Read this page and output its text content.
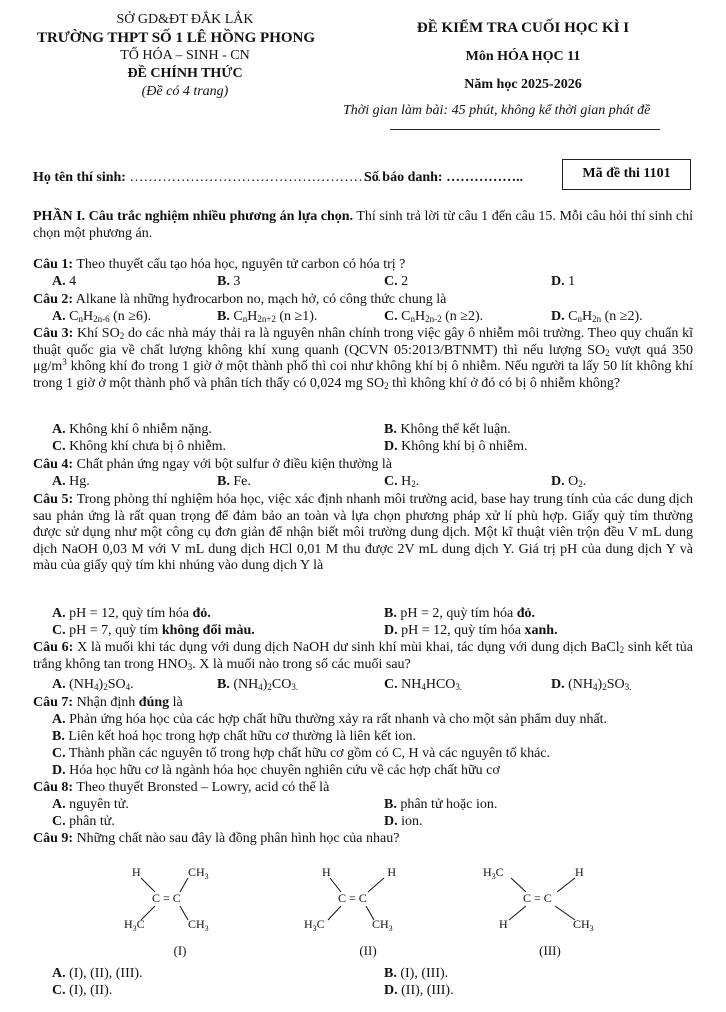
SỞ GD&ĐT ĐẮK LẮK
TRƯỜNG THPT SỐ 1 LÊ HỒNG PHONG
TỔ HÓA – SINH - CN
ĐỀ CHÍNH THỨC
(Đề có 4 trang)
ĐỀ KIỂM TRA CUỐI HỌC KÌ I
Môn HÓA HỌC 11
Năm học 2025-2026
Thời gian làm bài: 45 phút, không kể thời gian phát đề
Họ tên thí sinh: ………………………………………………
Số báo danh: ……………..	Mã đề thi 1101
PHẦN I. Câu trắc nghiệm nhiều phương án lựa chọn. Thí sinh trả lời từ câu 1 đến câu 15. Mỗi câu hỏi thí sinh chỉ chọn một phương án.
Câu 1: Theo thuyết cấu tạo hóa học, nguyên tử carbon có hóa trị ?
A. 4	B. 3	C. 2	D. 1
Câu 2: Alkane là những hyđrocarbon no, mạch hở, có công thức chung là
A. $C_nH_{2n-6}$ (n ≥6).	B. $C_nH_{2n+2}$ (n ≥1).	C. $C_nH_{2n-2}$ (n ≥2).	D. $C_nH_{2n}$ (n ≥2).
Câu 3: Khí $SO_2$ do các nhà máy thải ra là nguyên nhân chính trong việc gây ô nhiễm môi trường. Theo quy chuẩn kĩ thuật quốc gia về chất lượng không khí xung quanh (QCVN 05:2013/BTNMT) thì nếu lượng $SO_2$ vượt quá 350 $\mu g/m^3$ không khí đo trong 1 giờ ở một thành phố thì coi như không khí bị ô nhiễm. Nếu người ta lấy 50 lít không khí trong 1 giờ ở một thành phố và phân tích thấy có 0,024 mg $SO_2$ thì không khí ở đó có bị ô nhiễm không?
A. Không khí ô nhiễm nặng.	B. Không thể kết luận.
C. Không khí chưa bị ô nhiễm.	D. Không khí bị ô nhiễm.
Câu 4: Chất phản ứng ngay với bột sulfur ở điều kiện thường là
A. Hg.	B. Fe.	C. $H_2$.	D. $O_2$.
Câu 5: Trong phòng thí nghiệm hóa học, việc xác định nhanh môi trường acid, base hay trung tính của các dung dịch sau phản ứng là rất quan trọng để đảm bảo an toàn và lựa chọn phương pháp xử lí phù hợp. Giấy quỳ tím thường được sử dụng như một công cụ đơn giản để nhận biết môi trường dung dịch. Một kĩ thuật viên trộn đều V mL dung dịch NaOH 0,03 M với V mL dung dịch HCl 0,01 M thu được 2V mL dung dịch Y. Giá trị pH của dung dịch Y và màu của giấy quỳ tím khi nhúng vào dung dịch Y là
A. pH = 12, quỳ tím hóa đỏ.	B. pH = 2, quỳ tím hóa đỏ.
C. pH = 7, quỳ tím không đổi màu.	D. pH = 12, quỳ tím hóa xanh.
Câu 6: X là muối khi tác dụng với dung dịch NaOH dư sinh khí mùi khai, tác dụng với dung dịch BaCl$_2$ sinh kết tủa trắng không tan trong $HNO_3$. X là muối nào trong số các muối sau?
A. $(NH_4)_2SO_4$.	B. $(NH_4)_2CO_{3.}$	C. $NH_4HCO_{3.}$	D. $(NH_4)_2SO_{3.}$
Câu 7: Nhận định đúng là
A. Phản ứng hóa học của các hợp chất hữu thường xảy ra rất nhanh và cho một sản phẩm duy nhất.
B. Liên kết hoá học trong hợp chất hữu cơ thường là liên kết ion.
C. Thành phần các nguyên tố trong hợp chất hữu cơ gồm có C, H và các nguyên tố khác.
D. Hóa học hữu cơ là ngành hóa học chuyên nghiên cứu về các hợp chất hữu cơ
Câu 8: Theo thuyết Bronsted – Lowry, acid có thể là
A. nguyên tử.	B. phân tử hoặc ion.
C. phân tử.	D. ion.
Câu 9: Những chất nào sau đây là đồng phân hình học của nhau?
H	$CH_3$
$H_3C$	$CH_3$
C = C
H	H
$H_3C$	$CH_3$
C = C
$H_3C$	H
H	$CH_3$
C = C
(I)	(II)	(III)
A. (I), (II), (III).	B. (I), (III).
C. (I), (II).	D. (II), (III).
